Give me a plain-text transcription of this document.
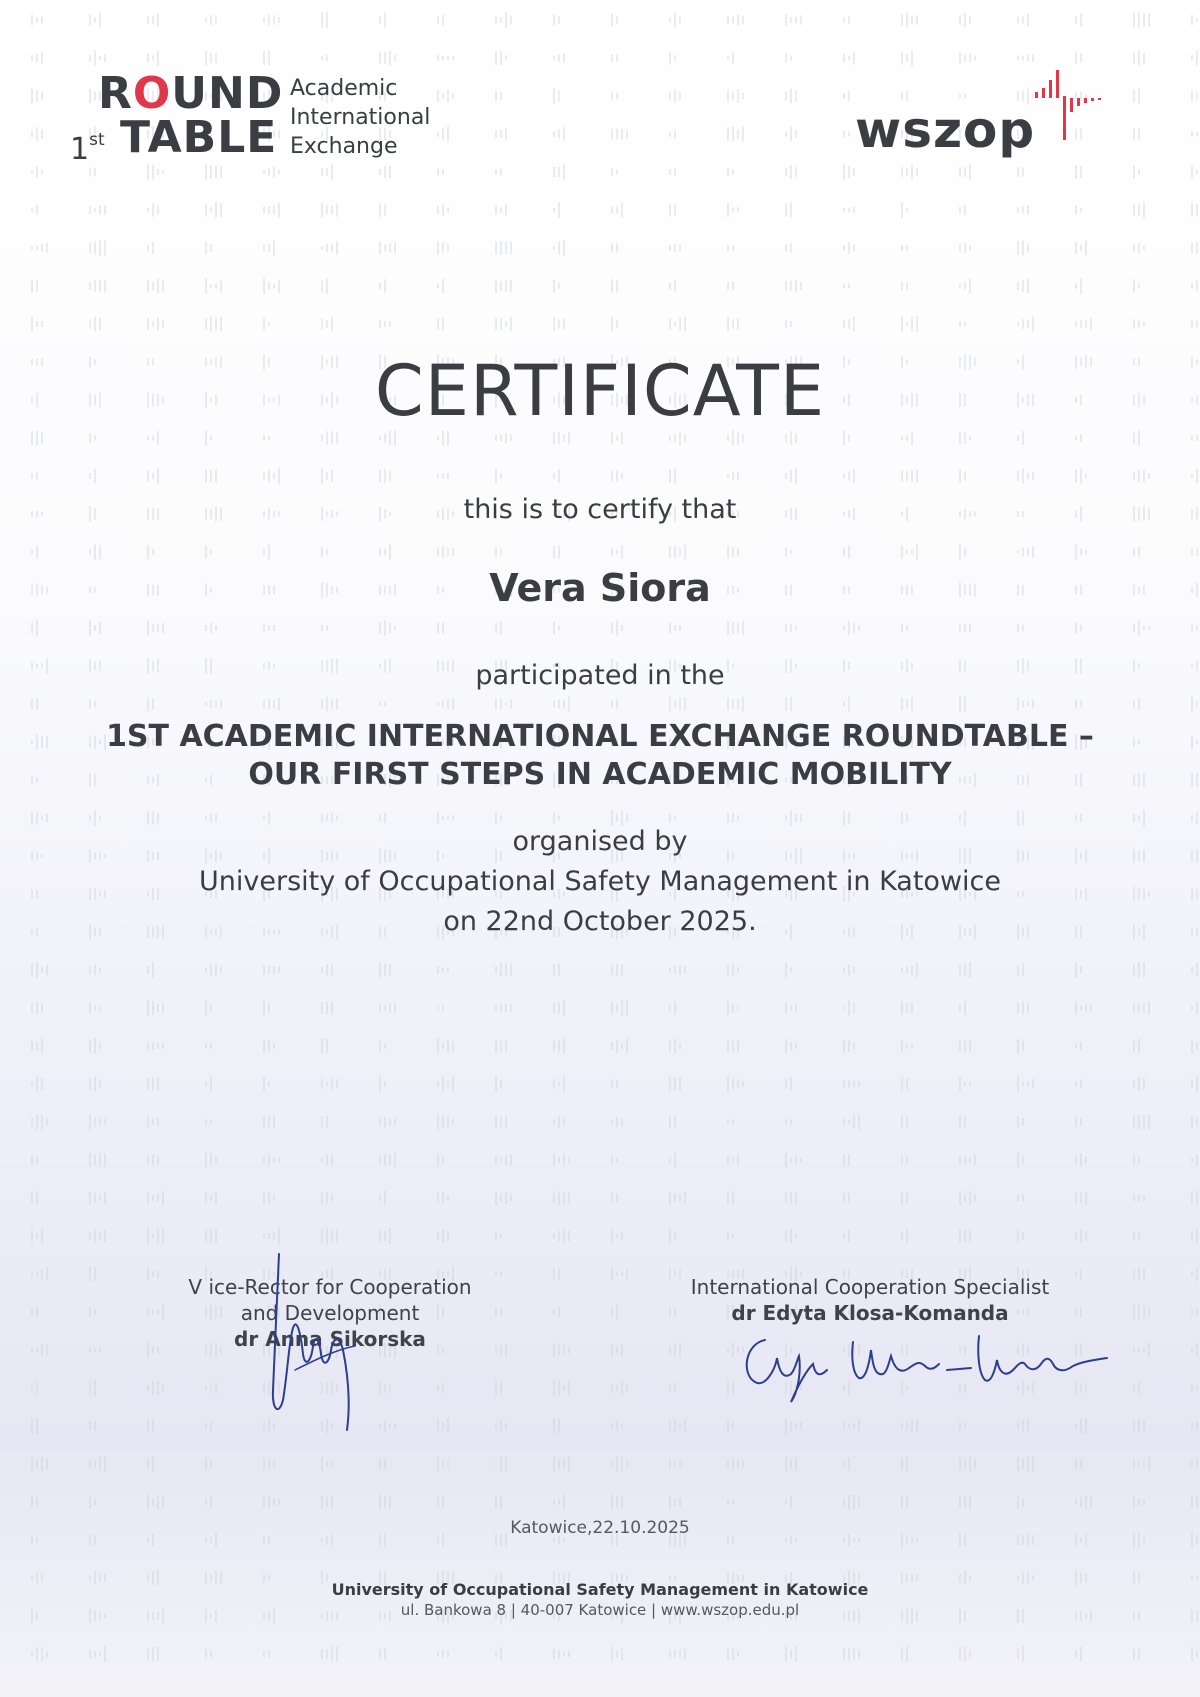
ROUND
1st TABLE
Academic
International
Exchange	wszop
CERTIFICATE
this is to certify that
Vera Siora
participated in the
1ST ACADEMIC INTERNATIONAL EXCHANGE ROUNDTABLE –
OUR FIRST STEPS IN ACADEMIC MOBILITY
organised by
University of Occupational Safety Management in Katowice
on 22nd October 2025.
V ice-Rector for Cooperation
and Development
dr Anna Sikorska
International Cooperation Specialist
dr Edyta Klosa-Komanda
Katowice,22.10.2025
University of Occupational Safety Management in Katowice
ul. Bankowa 8 | 40-007 Katowice | www.wszop.edu.pl
